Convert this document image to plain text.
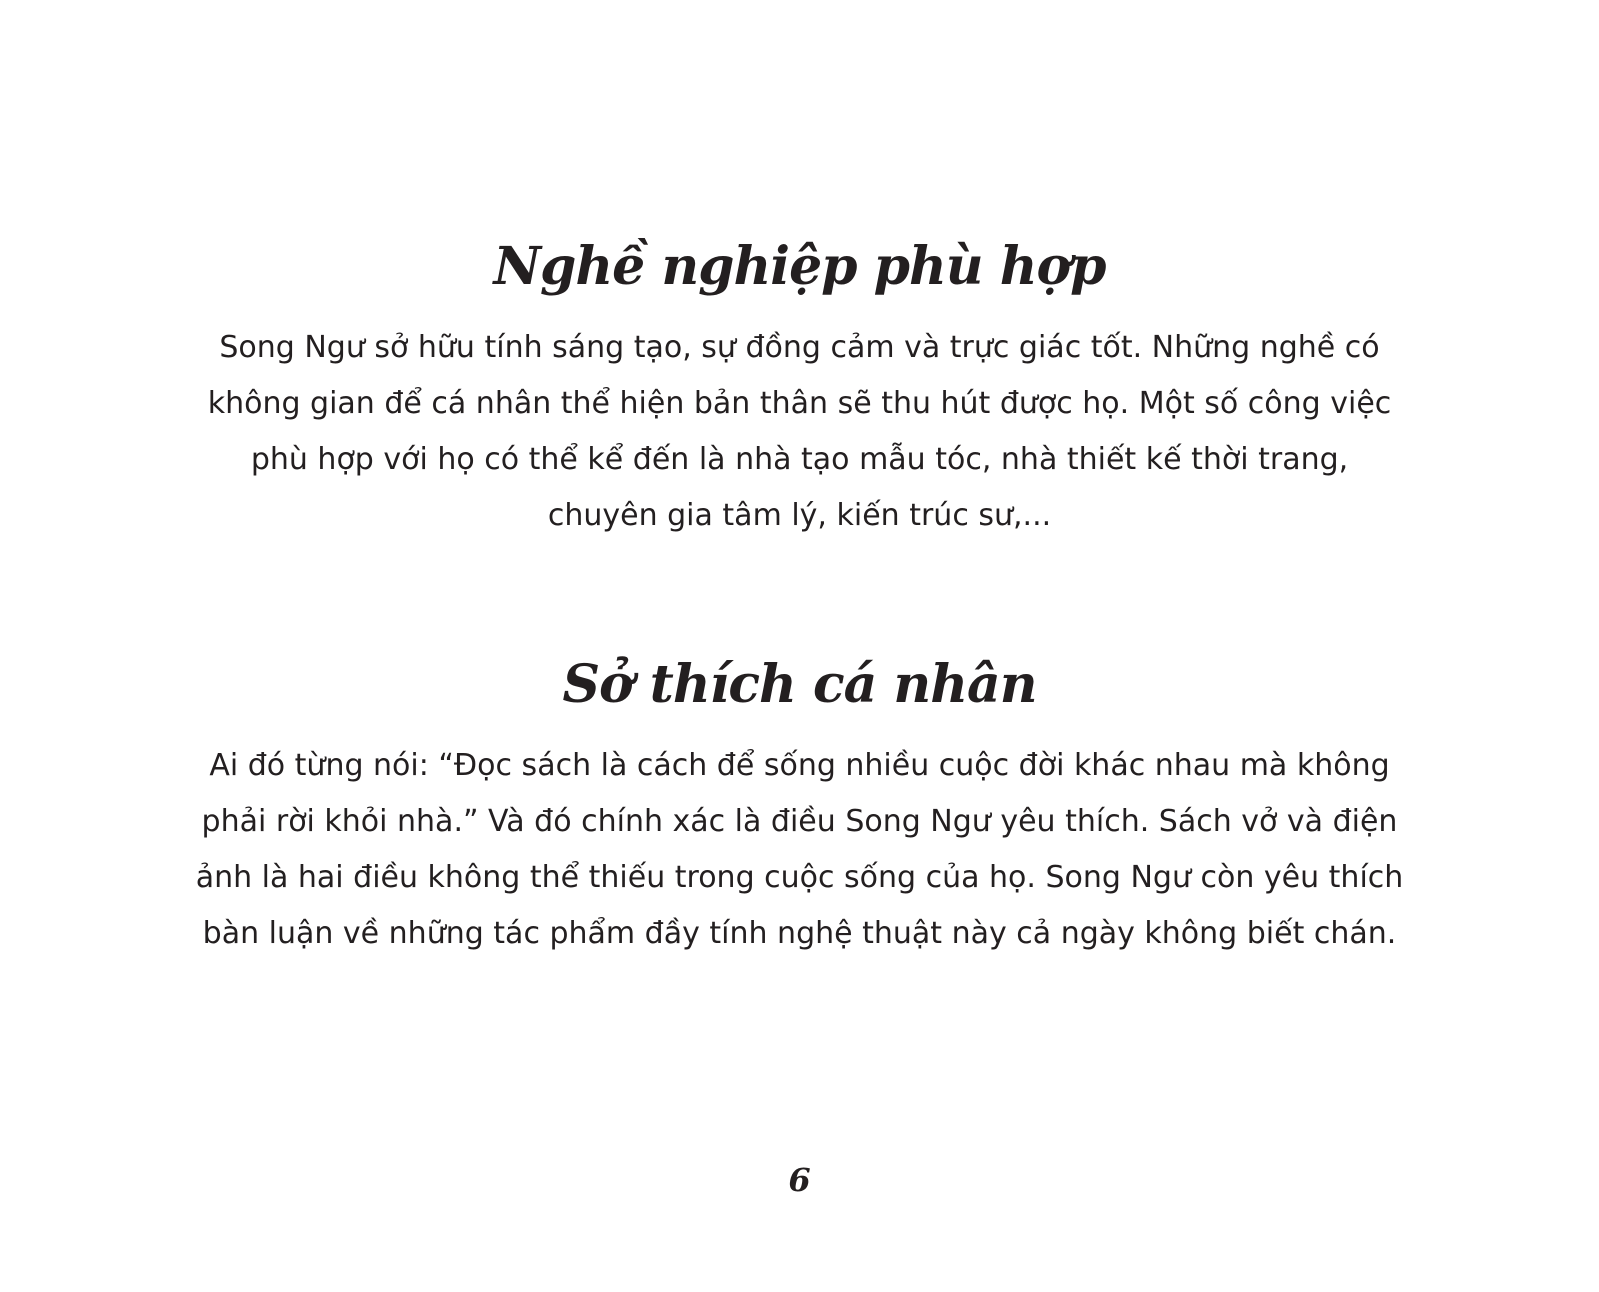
Nghề nghiệp phù hợp

Song Ngư sở hữu tính sáng tạo, sự đồng cảm và trực giác tốt. Những nghề có
không gian để cá nhân thể hiện bản thân sẽ thu hút được họ. Một số công việc
phù hợp với họ có thể kể đến là nhà tạo mẫu tóc, nhà thiết kế thời trang,
chuyên gia tâm lý, kiến trúc sư,...

Sở thích cá nhân

Ai đó từng nói: “Đọc sách là cách để sống nhiều cuộc đời khác nhau mà không
phải rời khỏi nhà.” Và đó chính xác là điều Song Ngư yêu thích. Sách vở và điện
ảnh là hai điều không thể thiếu trong cuộc sống của họ. Song Ngư còn yêu thích
bàn luận về những tác phẩm đầy tính nghệ thuật này cả ngày không biết chán.

6
